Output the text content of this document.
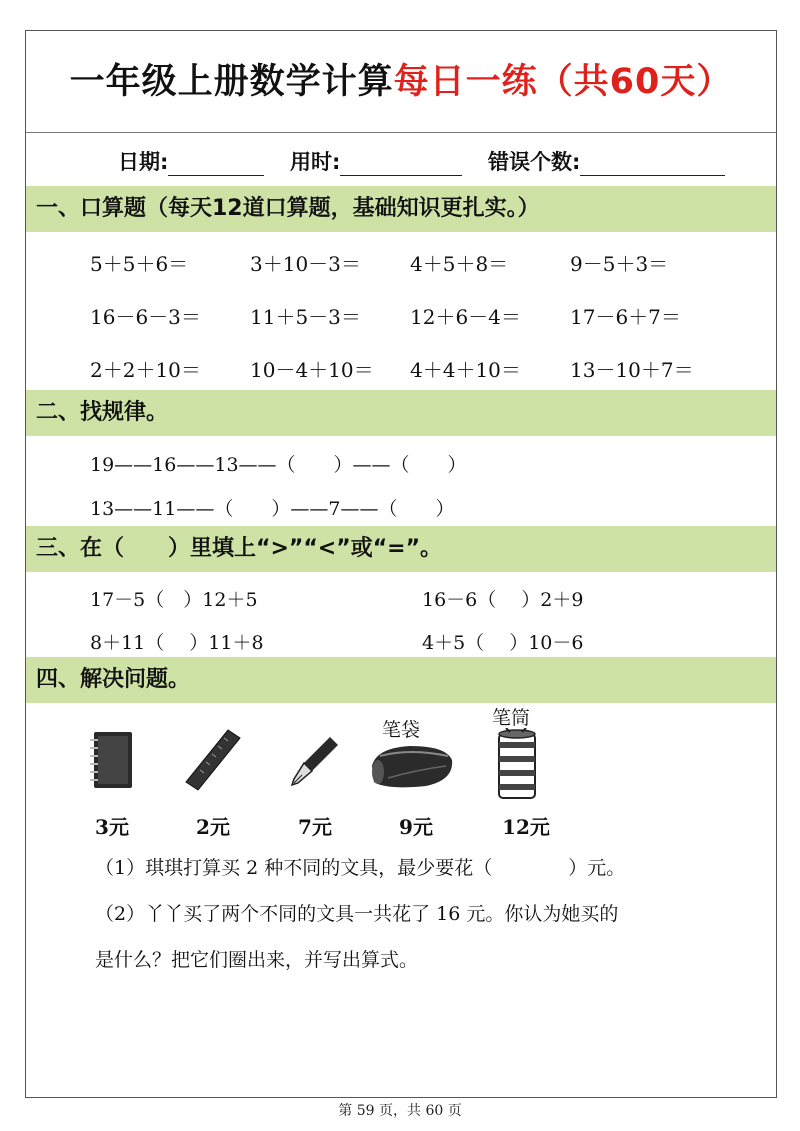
一年级上册数学计算每日一练（共60天）
日期:	用时:	错误个数:
一、口算题（每天12道口算题，基础知识更扎实。）
5＋5＋6＝	3＋10－3＝ 4＋5＋8＝	9－5＋3＝
16－6－3＝ 11＋5－3＝ 12＋6－4＝ 17－6＋7＝
2＋2＋10＝ 10－4＋10＝ 4＋4＋10＝ 13－10＋7＝
二、找规律。
19——16——13——（　　）——（　　）
13——11——（　　）——7——（　　）
三、在（　　）里填上“>”“<”或“=”。
17－5（　）12＋5	16－6（　 ）2＋9
8＋11（　 ）11＋8	4＋5（　 ）10－6
四、解决问题。
笔袋
笔筒
3元	2元	7元	9元	12元
（1）琪琪打算买 2 种不同的文具，最少要花（　　　　）元。
（2）丫丫买了两个不同的文具一共花了 16 元。你认为她买的
是什么？把它们圈出来，并写出算式。
第 59 页，共 60 页
